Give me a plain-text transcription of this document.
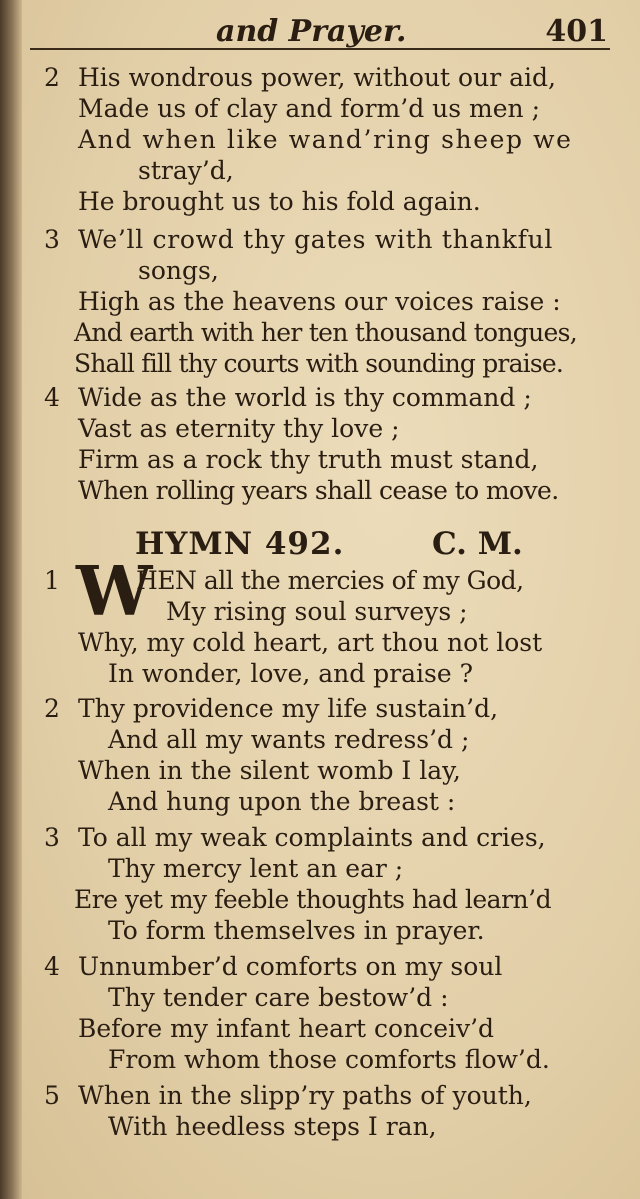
and Prayer.	401
2 His wondrous power, without our aid,
Made us of clay and form’d us men ;
And when like wand’ring sheep we
stray’d,
He brought us to his fold again.
3 We’ll crowd thy gates with thankful
songs,
High as the heavens our voices raise :
And earth with her ten thousand tongues,
Shall fill thy courts with sounding praise.
4 Wide as the world is thy command ;
Vast as eternity thy love ;
Firm as a rock thy truth must stand,
When rolling years shall cease to move.
HYMN 492.	C. M.
1 W
HEN all the mercies of my God,
My rising soul surveys ;
Why, my cold heart, art thou not lost
In wonder, love, and praise ?
2 Thy providence my life sustain’d,
And all my wants redress’d ;
When in the silent womb I lay,
And hung upon the breast :
3 To all my weak complaints and cries,
Thy mercy lent an ear ;
Ere yet my feeble thoughts had learn’d
To form themselves in prayer.
4 Unnumber’d comforts on my soul
Thy tender care bestow’d :
Before my infant heart conceiv’d
From whom those comforts flow’d.
5 When in the slipp’ry paths of youth,
With heedless steps I ran,
